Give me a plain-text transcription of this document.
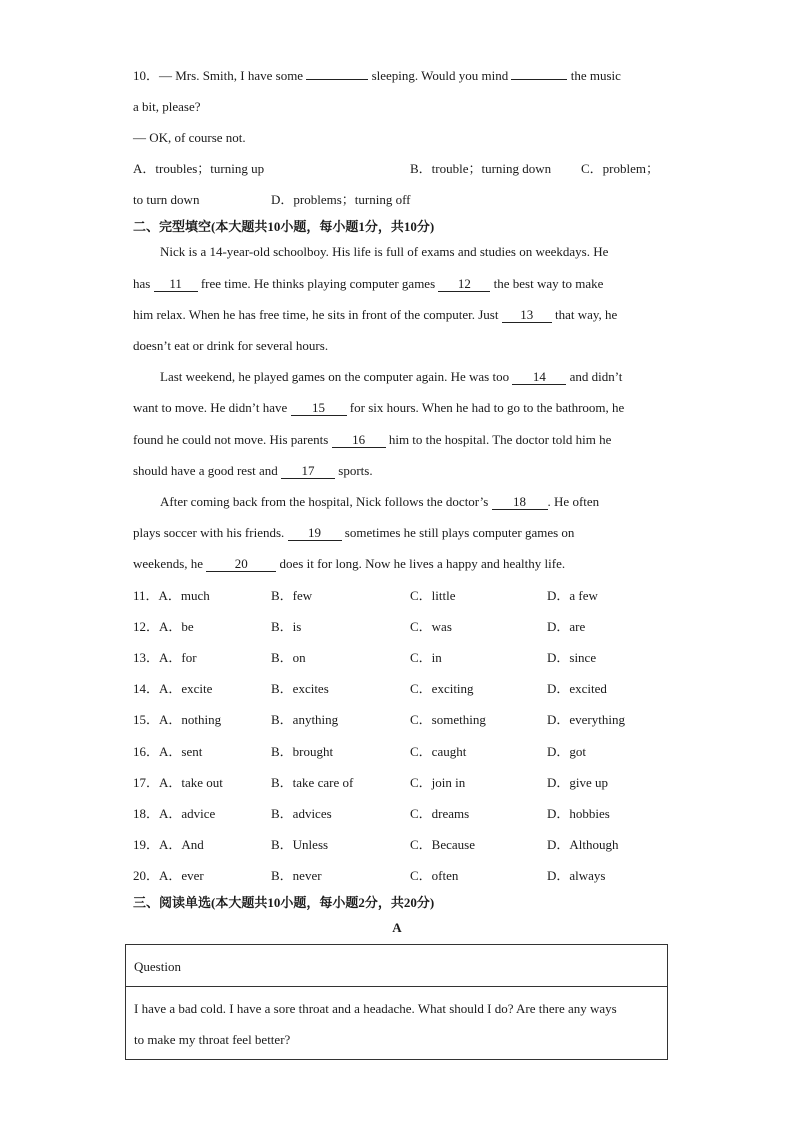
10．— Mrs. Smith, I have some	sleeping. Would you mind	the music
a bit, please?
— OK, of course not.
A．troubles；turning up	B．trouble；turning down C．problem；
to turn down	D．problems；turning off
二、完型填空(本大题共10小题，每小题1分，共10分)
Nick is a 14-year-old schoolboy. His life is full of exams and studies on weekdays. He
has 11 free time. He thinks playing computer games 12 the best way to make
him relax. When he has free time, he sits in front of the computer. Just 13 that way, he
doesn’t eat or drink for several hours.
Last weekend, he played games on the computer again. He was too 14 and didn’t
want to move. He didn’t have 15 for six hours. When he had to go to the bathroom, he
found he could not move. His parents 16 him to the hospital. The doctor told him he
should have a good rest and 17 sports.
After coming back from the hospital, Nick follows the doctor’s 18 . He often
plays soccer with his friends. 19 sometimes he still plays computer games on
weekends, he 20 does it for long. Now he lives a happy and healthy life.
11．A．much	B．few	C．little	D．a few
12．A．be	B．is	C．was	D．are
13．A．for	B．on	C．in	D．since
14．A．excite	B．excites	C．exciting	D．excited
15．A．nothing	B．anything	C．something	D．everything
16．A．sent	B．brought	C．caught	D．got
17．A．take out	B．take care of	C．join in	D．give up
18．A．advice	B．advices	C．dreams	D．hobbies
19．A．And	B．Unless	C．Because	D．Although
20．A．ever	B．never	C．often	D．always
三、阅读单选(本大题共10小题，每小题2分，共20分)
A
Question
I have a bad cold. I have a sore throat and a headache. What should I do? Are there any ways
to make my throat feel better?
